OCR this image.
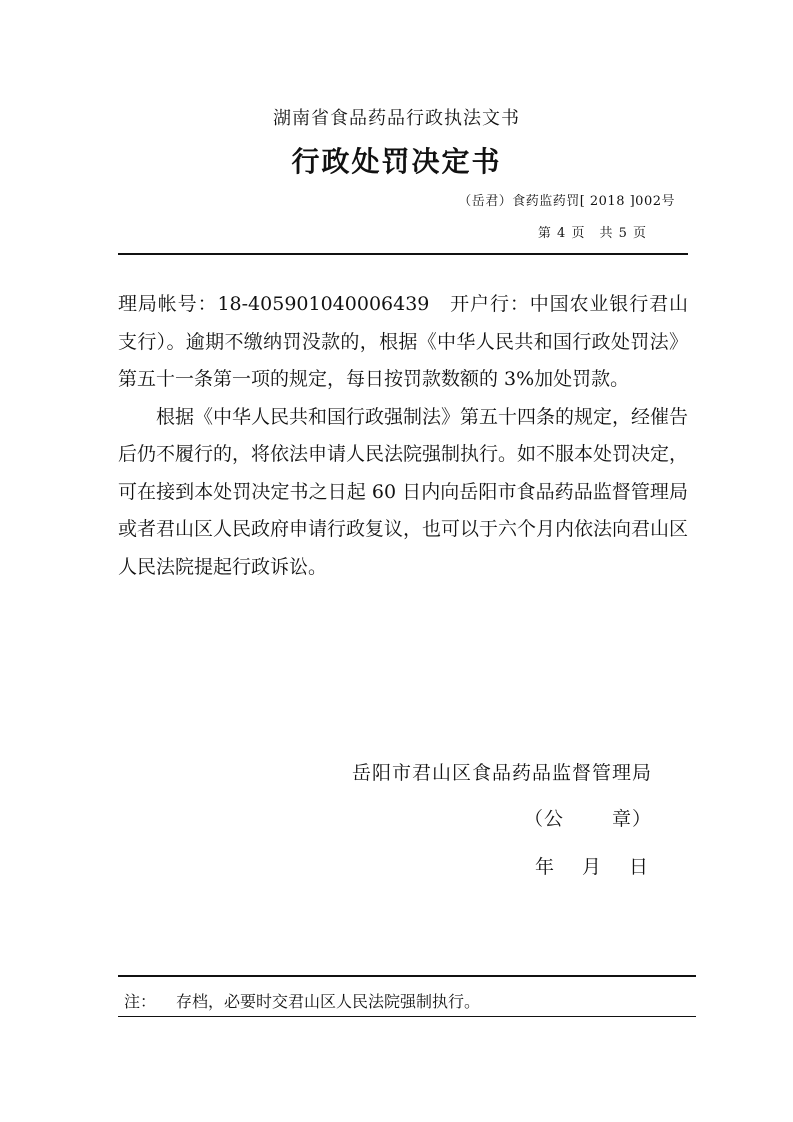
湖南省食品药品行政执法文书
行政处罚决定书
（岳君）食药监药罚[ 2018 ]002号
第 4 页　共 5 页

理局帐号：18-405901040006439　开户行：中国农业银行君山支行）。逾期不缴纳罚没款的，根据《中华人民共和国行政处罚法》第五十一条第一项的规定，每日按罚款数额的 3%加处罚款。

根据《中华人民共和国行政强制法》第五十四条的规定，经催告后仍不履行的，将依法申请人民法院强制执行。如不服本处罚决定，可在接到本处罚决定书之日起 60 日内向岳阳市食品药品监督管理局或者君山区人民政府申请行政复议，也可以于六个月内依法向君山区人民法院提起行政诉讼。

岳阳市君山区食品药品监督管理局
（公	章）
年 月 日
注： 存档，必要时交君山区人民法院强制执行。
